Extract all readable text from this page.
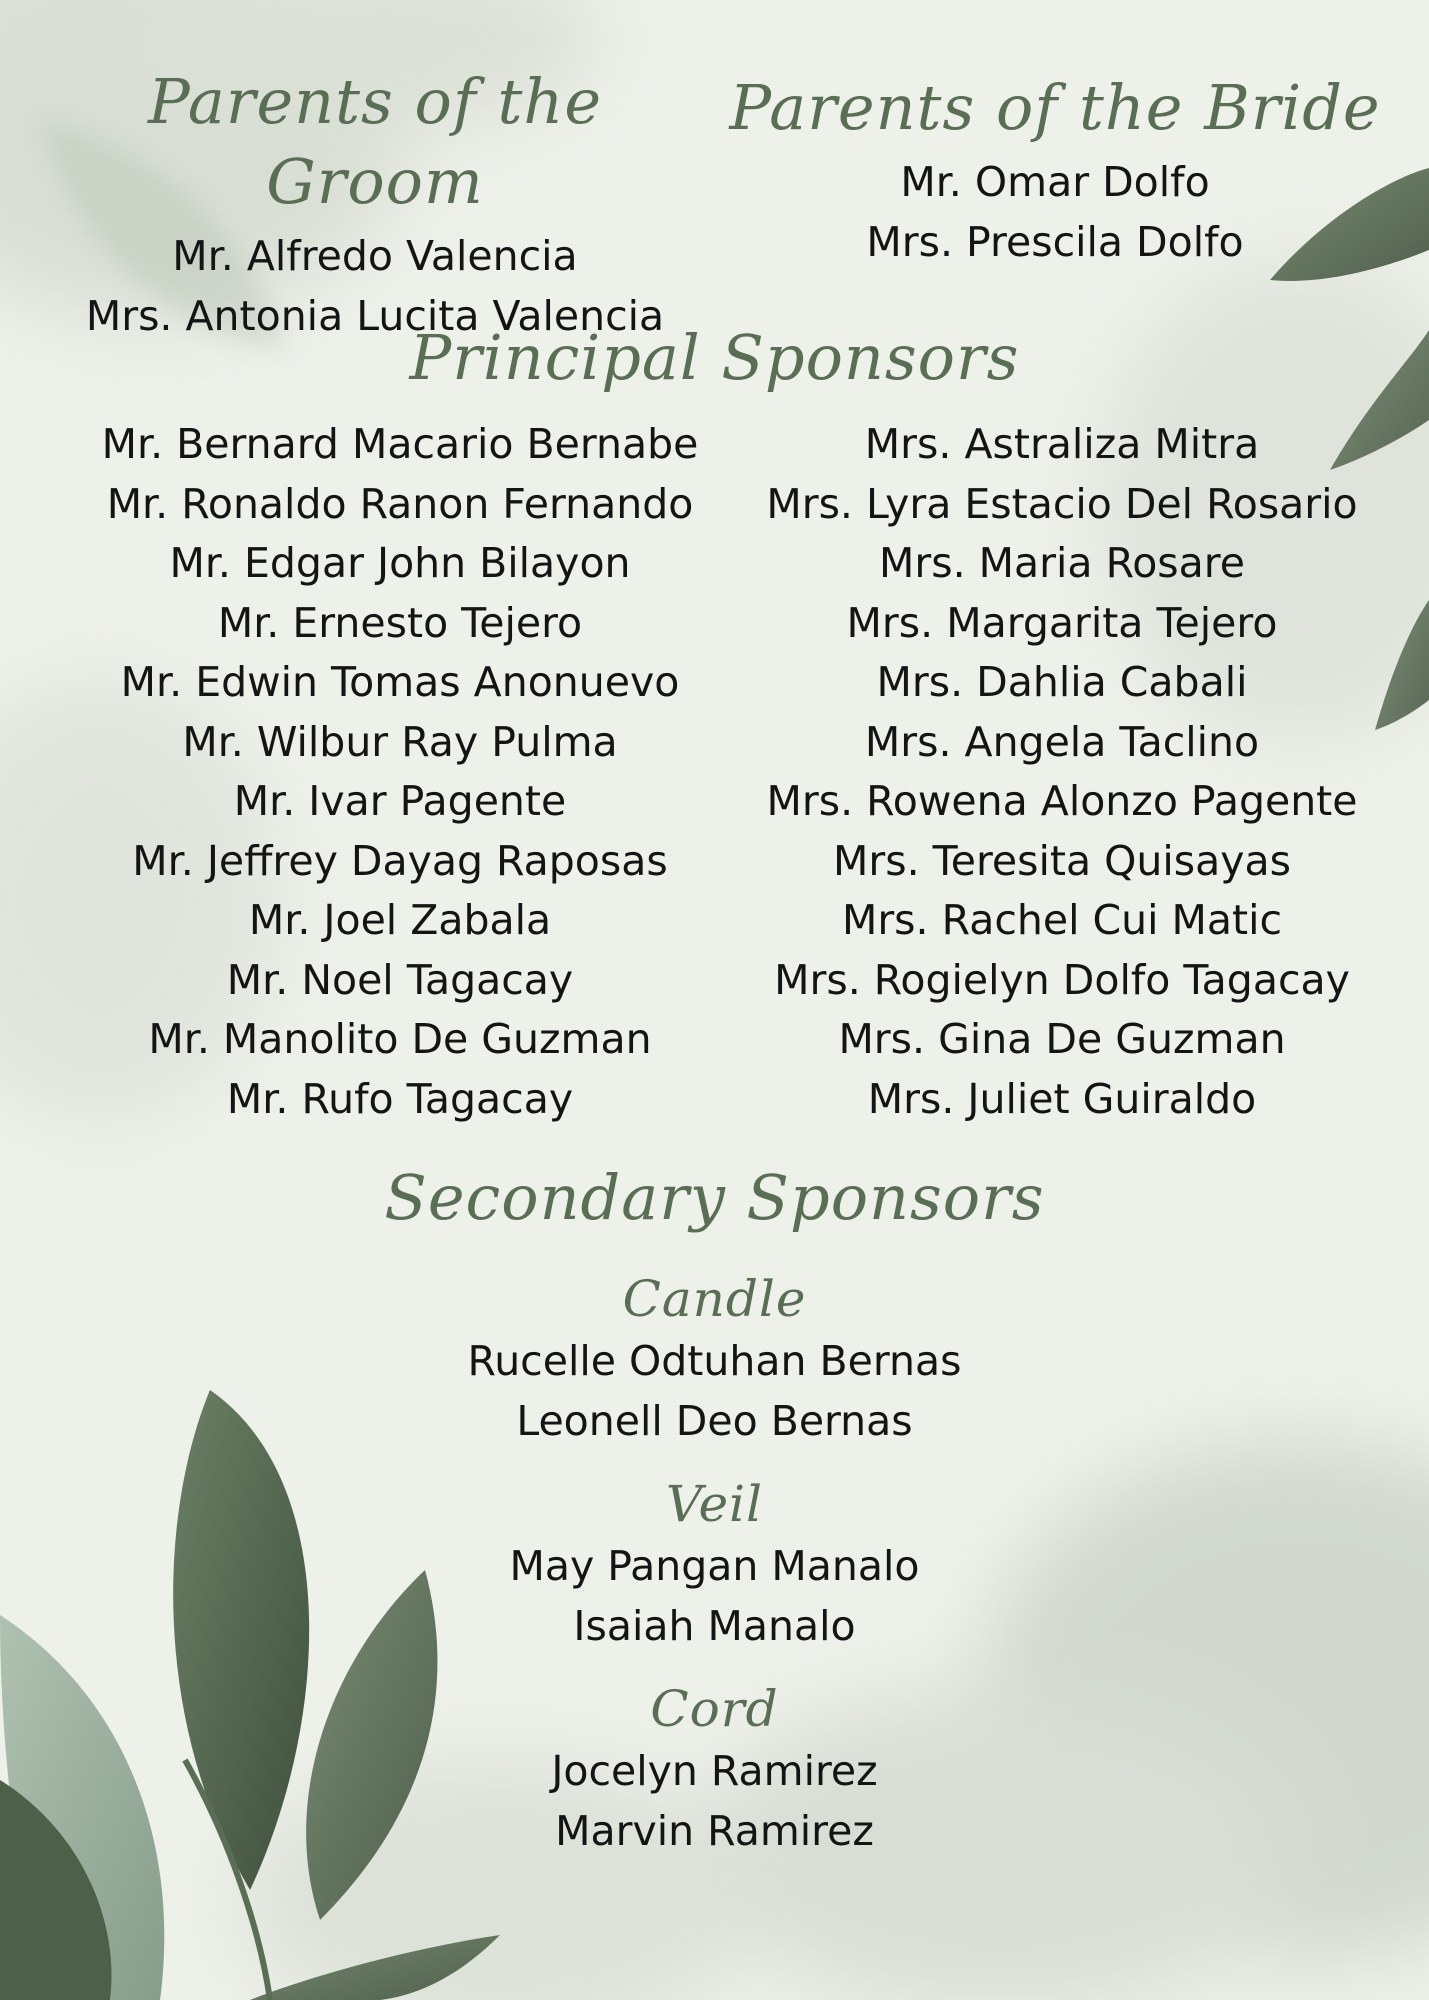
Parents of the Groom
Mr. Alfredo Valencia
Mrs. Antonia Lucita Valencia
Parents of the Bride
Mr. Omar Dolfo
Mrs. Prescila Dolfo
Principal Sponsors
Mr. Bernard Macario Bernabe
Mr. Ronaldo Ranon Fernando
Mr. Edgar John Bilayon
Mr. Ernesto Tejero
Mr. Edwin Tomas Anonuevo
Mr. Wilbur Ray Pulma
Mr. Ivar Pagente
Mr. Jeffrey Dayag Raposas
Mr. Joel Zabala
Mr. Noel Tagacay
Mr. Manolito De Guzman
Mr. Rufo Tagacay
Mrs. Astraliza Mitra
Mrs. Lyra Estacio Del Rosario
Mrs. Maria Rosare
Mrs. Margarita Tejero
Mrs. Dahlia Cabali
Mrs. Angela Taclino
Mrs. Rowena Alonzo Pagente
Mrs. Teresita Quisayas
Mrs. Rachel Cui Matic
Mrs. Rogielyn Dolfo Tagacay
Mrs. Gina De Guzman
Mrs. Juliet Guiraldo
Secondary Sponsors
Candle
Rucelle Odtuhan Bernas
Leonell Deo Bernas
Veil
May Pangan Manalo
Isaiah Manalo
Cord
Jocelyn Ramirez
Marvin Ramirez
